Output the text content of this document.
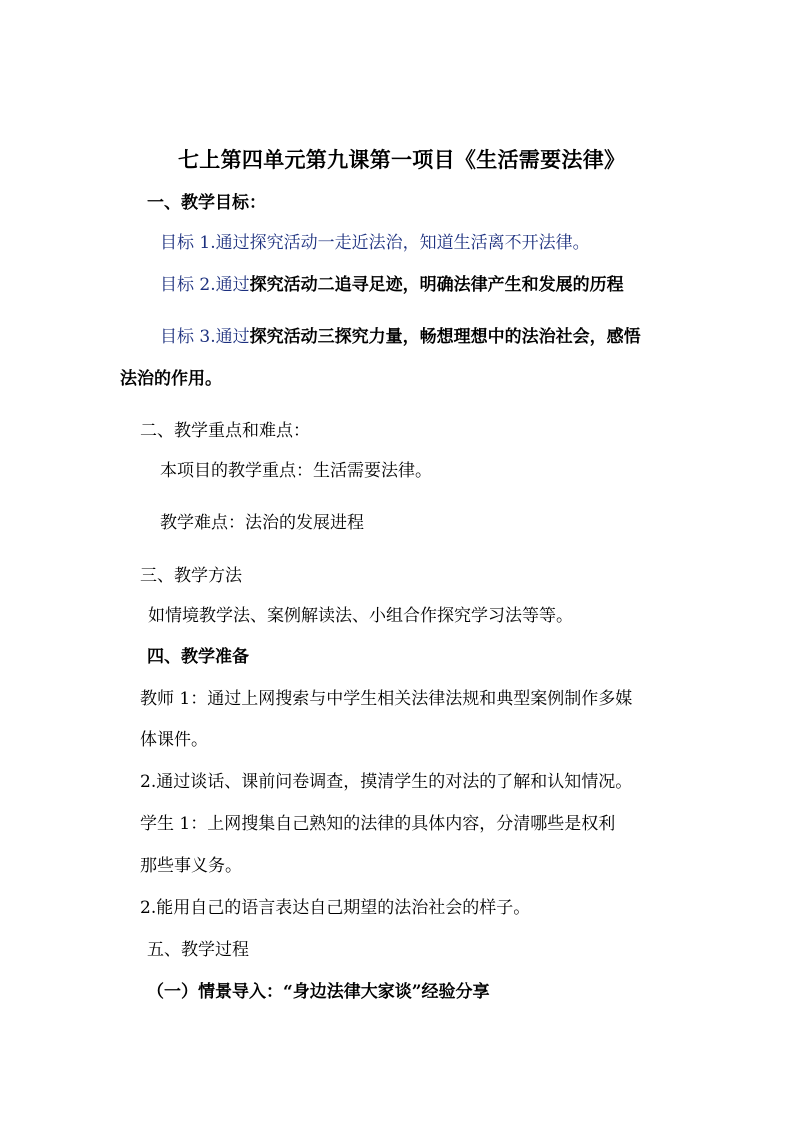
七上第四单元第九课第一项目《生活需要法律》
一、教学目标：
目标 1.通过探究活动一走近法治，知道生活离不开法律。
目标 2.通过探究活动二追寻足迹，明确法律产生和发展的历程
目标 3.通过探究活动三探究力量，畅想理想中的法治社会，感悟
法治的作用。
二、教学重点和难点：
本项目的教学重点：生活需要法律。
教学难点：法治的发展进程
三、教学方法
如情境教学法、案例解读法、小组合作探究学习法等等。
四、教学准备
教师 1：通过上网搜索与中学生相关法律法规和典型案例制作多媒
体课件。
2.通过谈话、课前问卷调查，摸清学生的对法的了解和认知情况。
学生 1：上网搜集自己熟知的法律的具体内容，分清哪些是权利
那些事义务。
2.能用自己的语言表达自己期望的法治社会的样子。
五、教学过程
（一）情景导入：“身边法律大家谈”经验分享
